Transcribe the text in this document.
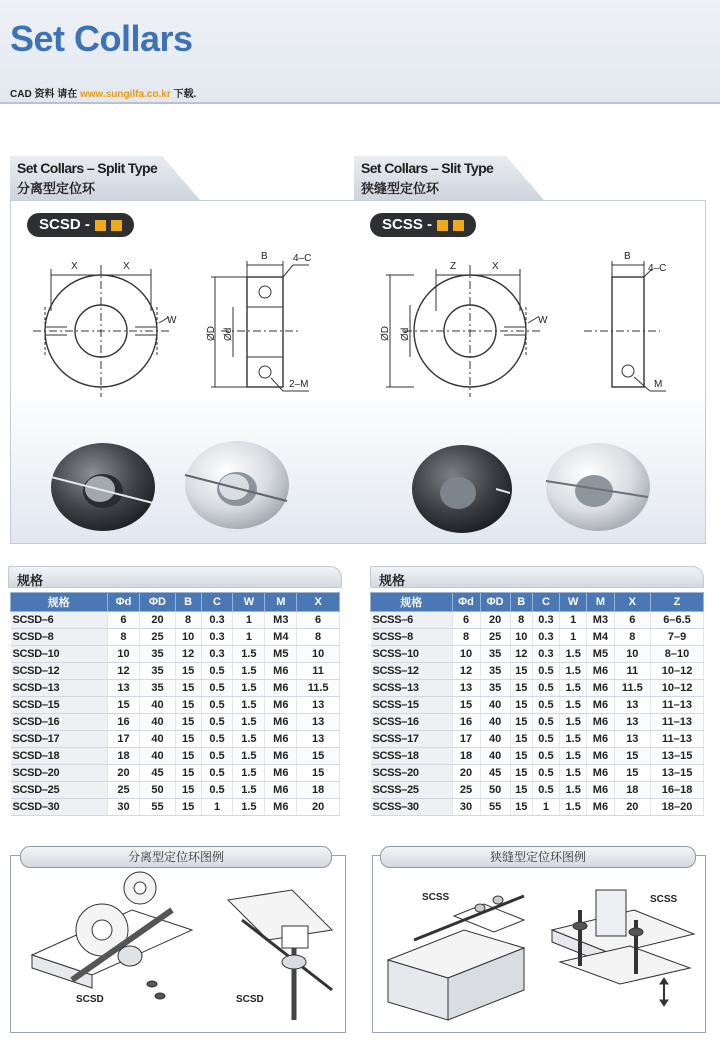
Set Collars
CAD 资料 请在 www.sungilfa.co.kr 下载.
Set Collars – Split Type
分离型定位环
SCSD -
X	X
W
ØD Ød
B	4–C
2–M
Set Collars – Slit Type
狭缝型定位环
SCSS -
Z	X
W
ØD Ød
B
4–C
M
规格	规格
规格	Φd	ΦD	B	C	W	M	X
SCSD–6	6	20	8	0.3	1	M3	6
SCSD–8	8	25	10	0.3	1	M4	8
SCSD–10	10	35	12	0.3	1.5	M5	10
SCSD–12	12	35	15	0.5	1.5	M6	11
SCSD–13	13	35	15	0.5	1.5	M6	11.5
SCSD–15	15	40	15	0.5	1.5	M6	13
SCSD–16	16	40	15	0.5	1.5	M6	13
SCSD–17	17	40	15	0.5	1.5	M6	13
SCSD–18	18	40	15	0.5	1.5	M6	15
SCSD–20	20	45	15	0.5	1.5	M6	15
SCSD–25	25	50	15	0.5	1.5	M6	18
SCSD–30	30	55	15	1	1.5	M6	20
规格	Φd	ΦD	B	C	W	M	X	Z
SCSS–6	6	20	8	0.3	1	M3	6	6–6.5
SCSS–8	8	25	10	0.3	1	M4	8	7–9
SCSS–10	10	35	12	0.3	1.5	M5	10	8–10
SCSS–12	12	35	15	0.5	1.5	M6	11	10–12
SCSS–13	13	35	15	0.5	1.5	M6	11.5	10–12
SCSS–15	15	40	15	0.5	1.5	M6	13	11–13
SCSS–16	16	40	15	0.5	1.5	M6	13	11–13
SCSS–17	17	40	15	0.5	1.5	M6	13	11–13
SCSS–18	18	40	15	0.5	1.5	M6	15	13–15
SCSS–20	20	45	15	0.5	1.5	M6	15	13–15
SCSS–25	25	50	15	0.5	1.5	M6	18	16–18
SCSS–30	30	55	15	1	1.5	M6	20	18–20
分离型定位环图例
SCSD	SCSD
狭缝型定位环图例
SCSS	SCSS
